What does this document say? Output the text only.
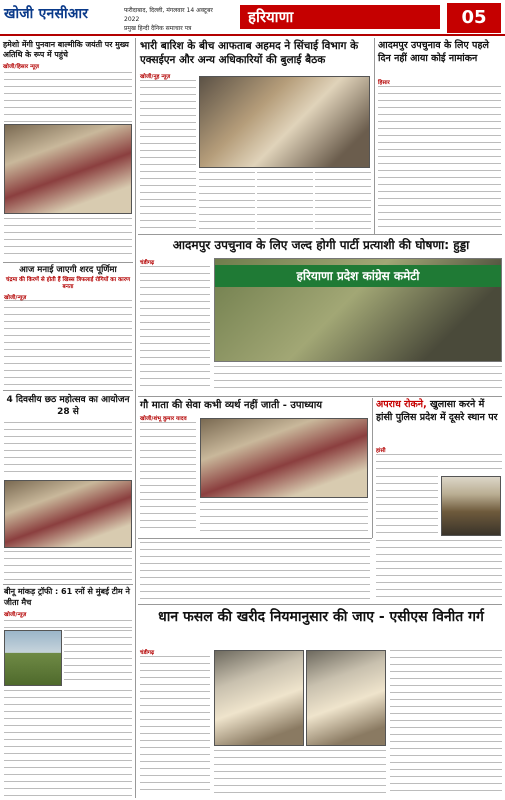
खोजी एनसीआर	फरीदाबाद, दिल्ली, मंगलवार 14 अक्टूबर 2022
प्रमुख हिन्दी दैनिक समाचार पत्र
हरियाणा	05
हमेशो मेंगी पुनवान बाल्मीकि जयंती पर मुख्य अतिथि के रूप में पहुंचे
खोजी/हिसार न्यूज़
आज मनाई जाएगी शरद पूर्णिमा
चंद्रमा की किरणें से होती हैं खिस्स त्रिफलाई रोगियों का कारण बनता
खोजी/न्यूज़
4 दिवसीय छठ महोत्सव का आयोजन 28 से
बीनू मांकड़ ट्रॉफी : 61 रनों से मुंबई टीम ने जीता मैच
खोजी/न्यूज़
भारी बारिश के बीच आफताब अहमद ने सिंचाई विभाग के एक्सईएन और अन्य अधिकारियों की बुलाई बैठक
खोजी/नूह न्यूज़
आदमपुर उपचुनाव के लिए पहले दिन नहीं आया कोई नामांकन
हिसार
आदमपुर उपचुनाव के लिए जल्द होगी पार्टी प्रत्याशी की घोषणा: हुड्डा
चंडीगढ़
हरियाणा प्रदेश कांग्रेस कमेटी
गौ माता की सेवा कभी व्यर्थ नहीं जाती - उपाध्याय
खोजी/शंभू कुमार यादव
अपराध रोकने, खुलासा करने में हांसी पुलिस प्रदेश में दूसरे स्थान पर
हांसी
धान फसल की खरीद नियमानुसार की जाए - एसीएस विनीत गर्ग
चंडीगढ़
